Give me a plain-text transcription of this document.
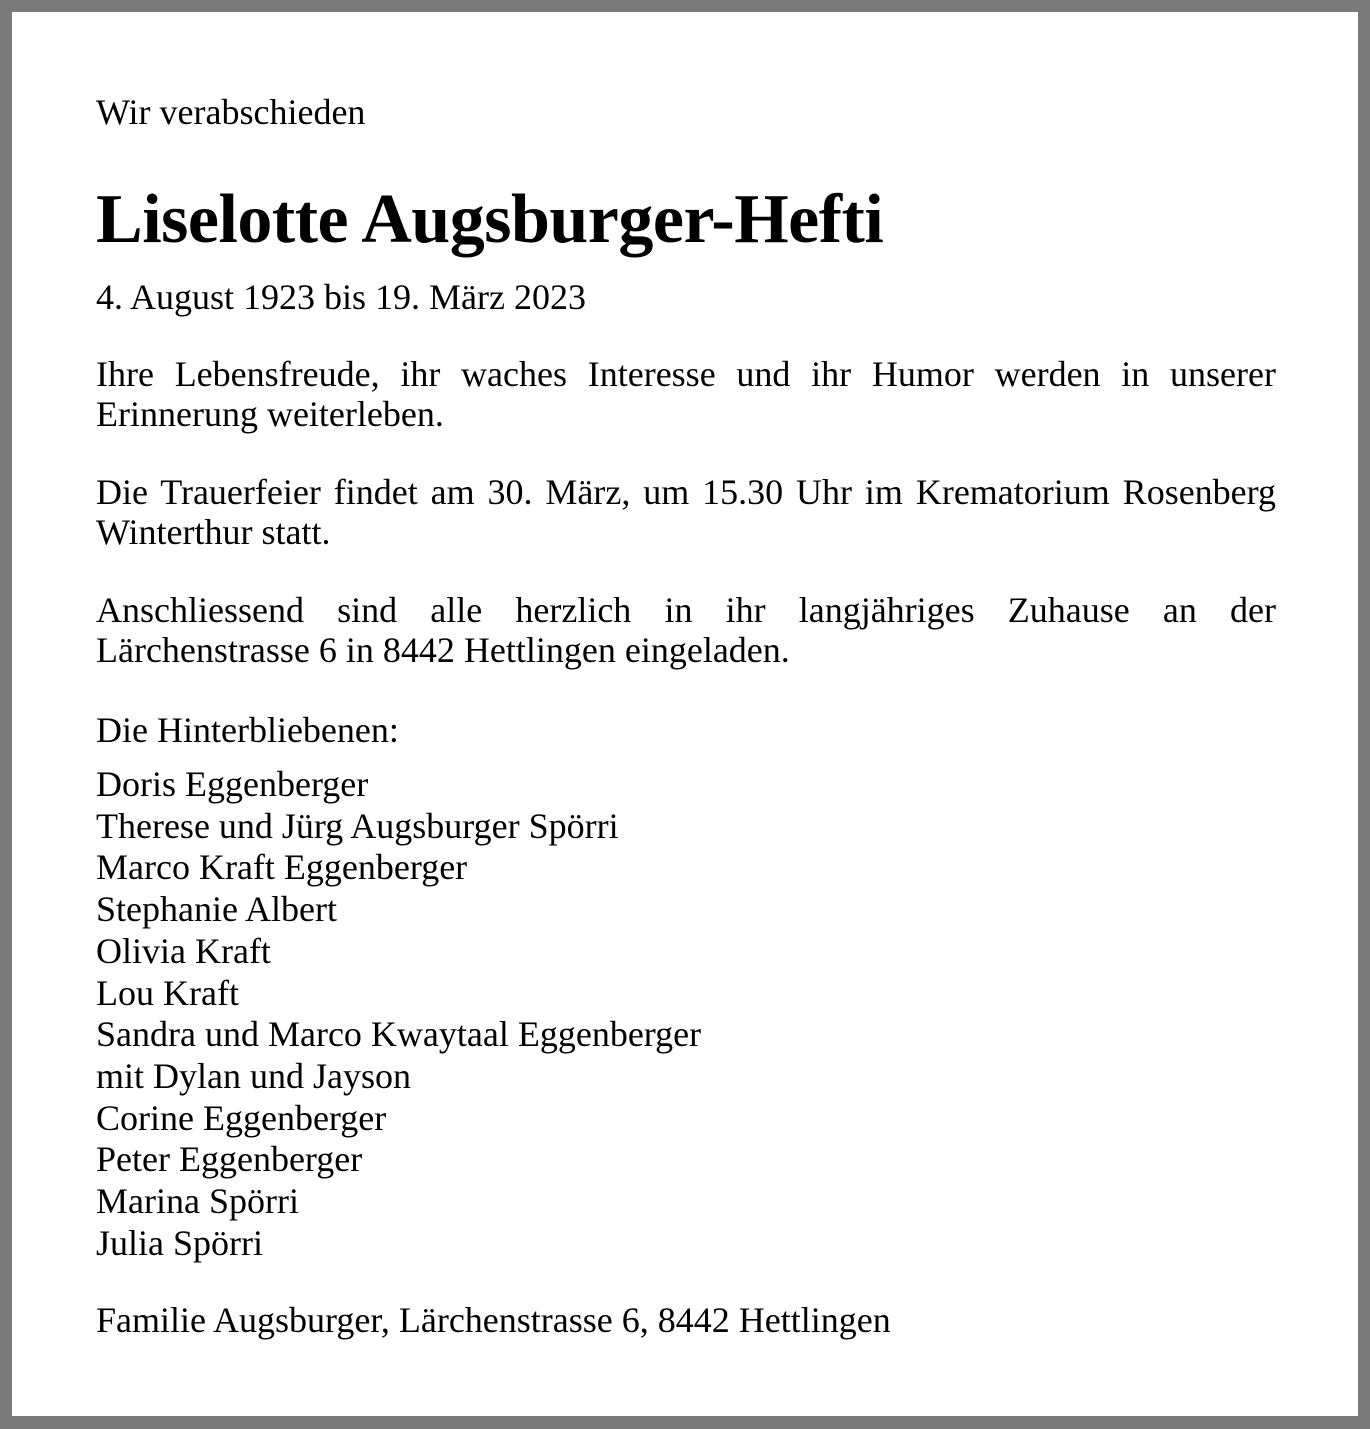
Wir verabschieden
Liselotte Augsburger-Hefti
4. August 1923 bis 19. März 2023

Ihre Lebensfreude, ihr waches Interesse und ihr Humor werden in unserer Erinnerung weiterleben.

Die Trauerfeier findet am 30. März, um 15.30 Uhr im Krematorium Rosenberg Winterthur statt.

Anschliessend sind alle herzlich in ihr langjähriges Zuhause an der Lärchenstrasse 6 in 8442 Hettlingen eingeladen.

Die Hinterbliebenen:
Doris Eggenberger
Therese und Jürg Augsburger Spörri
Marco Kraft Eggenberger
Stephanie Albert
Olivia Kraft
Lou Kraft
Sandra und Marco Kwaytaal Eggenberger
mit Dylan und Jayson
Corine Eggenberger
Peter Eggenberger
Marina Spörri
Julia Spörri
Familie Augsburger, Lärchenstrasse 6, 8442 Hettlingen
